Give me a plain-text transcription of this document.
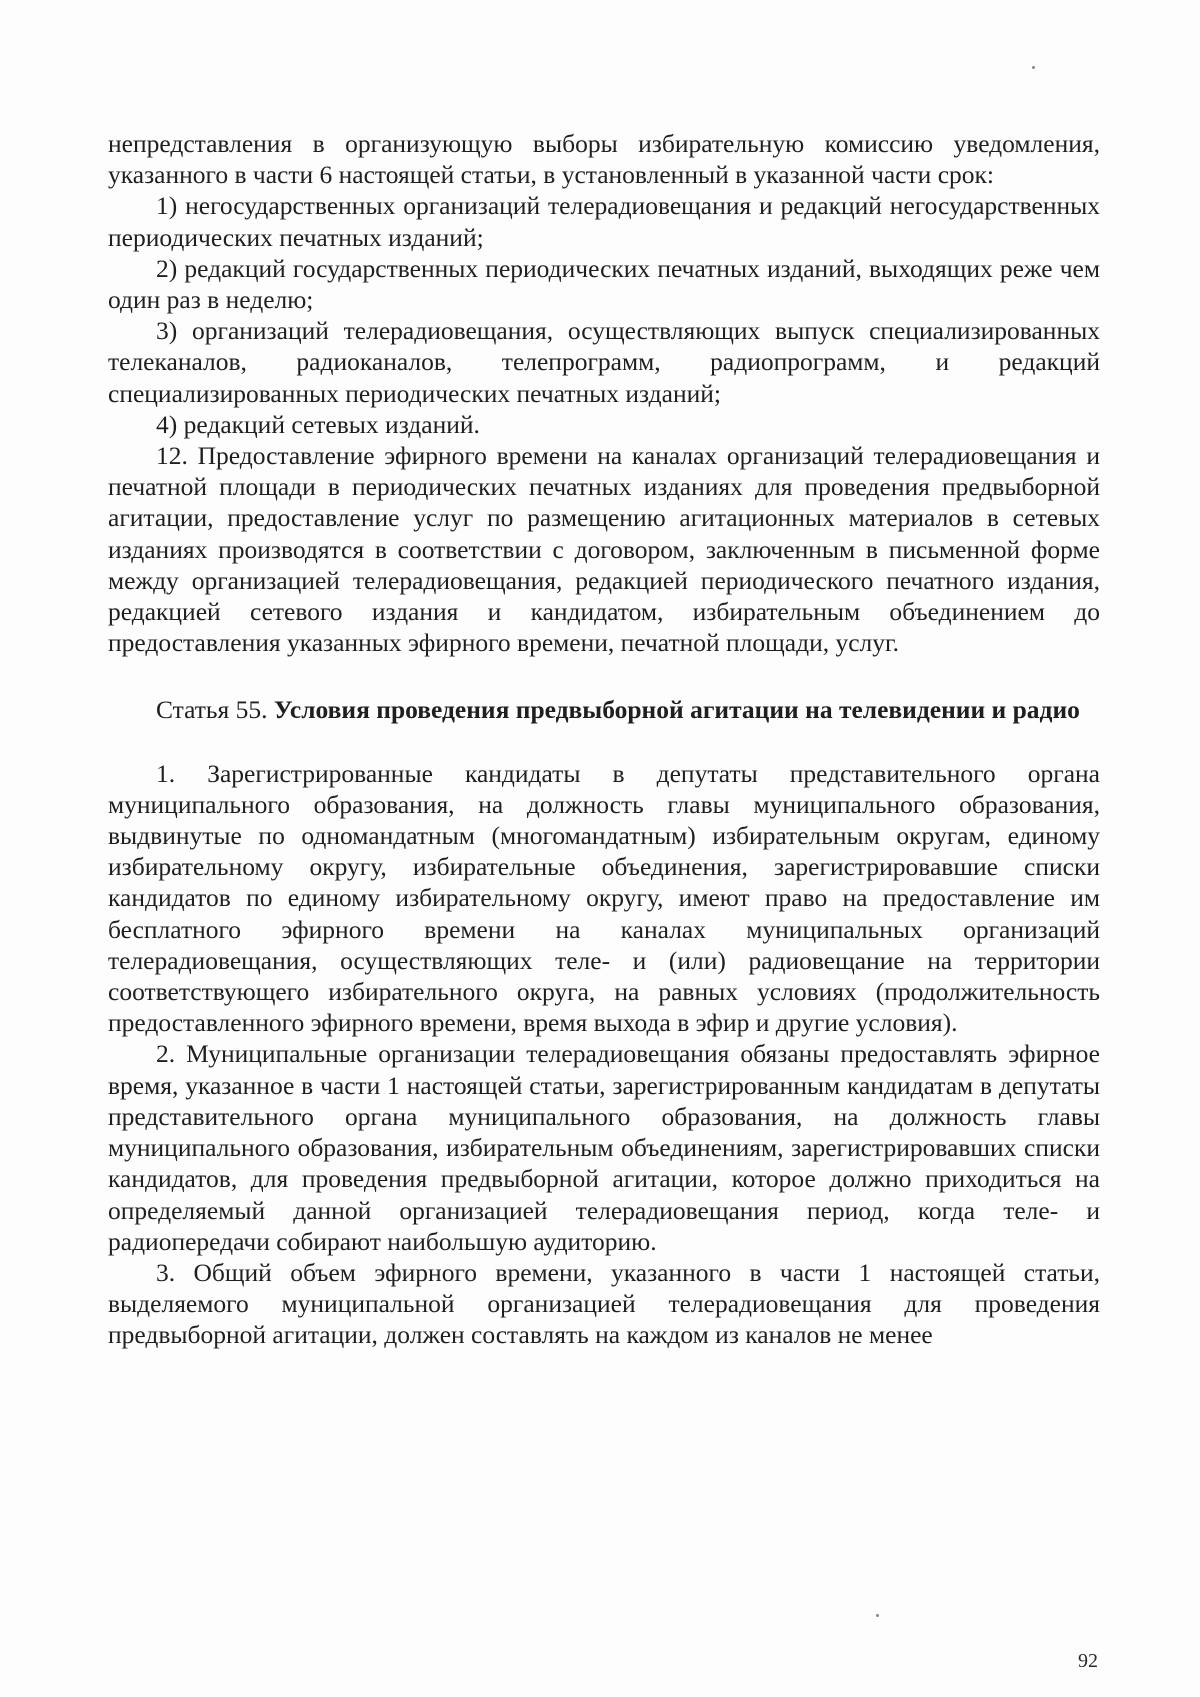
непредставления в организующую выборы избирательную комиссию уведомления, указанного в части 6 настоящей статьи, в установленный в указанной части срок:

1) негосударственных организаций телерадиовещания и редакций негосударственных периодических печатных изданий;

2) редакций государственных периодических печатных изданий, выходящих реже чем один раз в неделю;

3) организаций телерадиовещания, осуществляющих выпуск специализированных телеканалов, радиоканалов, телепрограмм, радиопрограмм, и редакций специализированных периодических печатных изданий;

4) редакций сетевых изданий.

12. Предоставление эфирного времени на каналах организаций телерадиовещания и печатной площади в периодических печатных изданиях для проведения предвыборной агитации, предоставление услуг по размещению агитационных материалов в сетевых изданиях производятся в соответствии с договором, заключенным в письменной форме между организацией телерадиовещания, редакцией периодического печатного издания, редакцией сетевого издания и кандидатом, избирательным объединением до предоставления указанных эфирного времени, печатной площади, услуг.

Статья 55. Условия проведения предвыборной агитации на телевидении и радио

1. Зарегистрированные кандидаты в депутаты представительного органа муниципального образования, на должность главы муниципального образования, выдвинутые по одномандатным (многомандатным) избирательным округам, единому избирательному округу, избирательные объединения, зарегистрировавшие списки кандидатов по единому избирательному округу, имеют право на предоставление им бесплатного эфирного времени на каналах муниципальных организаций телерадиовещания, осуществляющих теле- и (или) радиовещание на территории соответствующего избирательного округа, на равных условиях (продолжительность предоставленного эфирного времени, время выхода в эфир и другие условия).

2. Муниципальные организации телерадиовещания обязаны предоставлять эфирное время, указанное в части 1 настоящей статьи, зарегистрированным кандидатам в депутаты представительного органа муниципального образования, на должность главы муниципального образования, избирательным объединениям, зарегистрировавших списки кандидатов, для проведения предвыборной агитации, которое должно приходиться на определяемый данной организацией телерадиовещания период, когда теле- и радиопередачи собирают наибольшую аудиторию.

3. Общий объем эфирного времени, указанного в части 1 настоящей статьи, выделяемого муниципальной организацией телерадиовещания для проведения предвыборной агитации, должен составлять на каждом из каналов не менее

92
